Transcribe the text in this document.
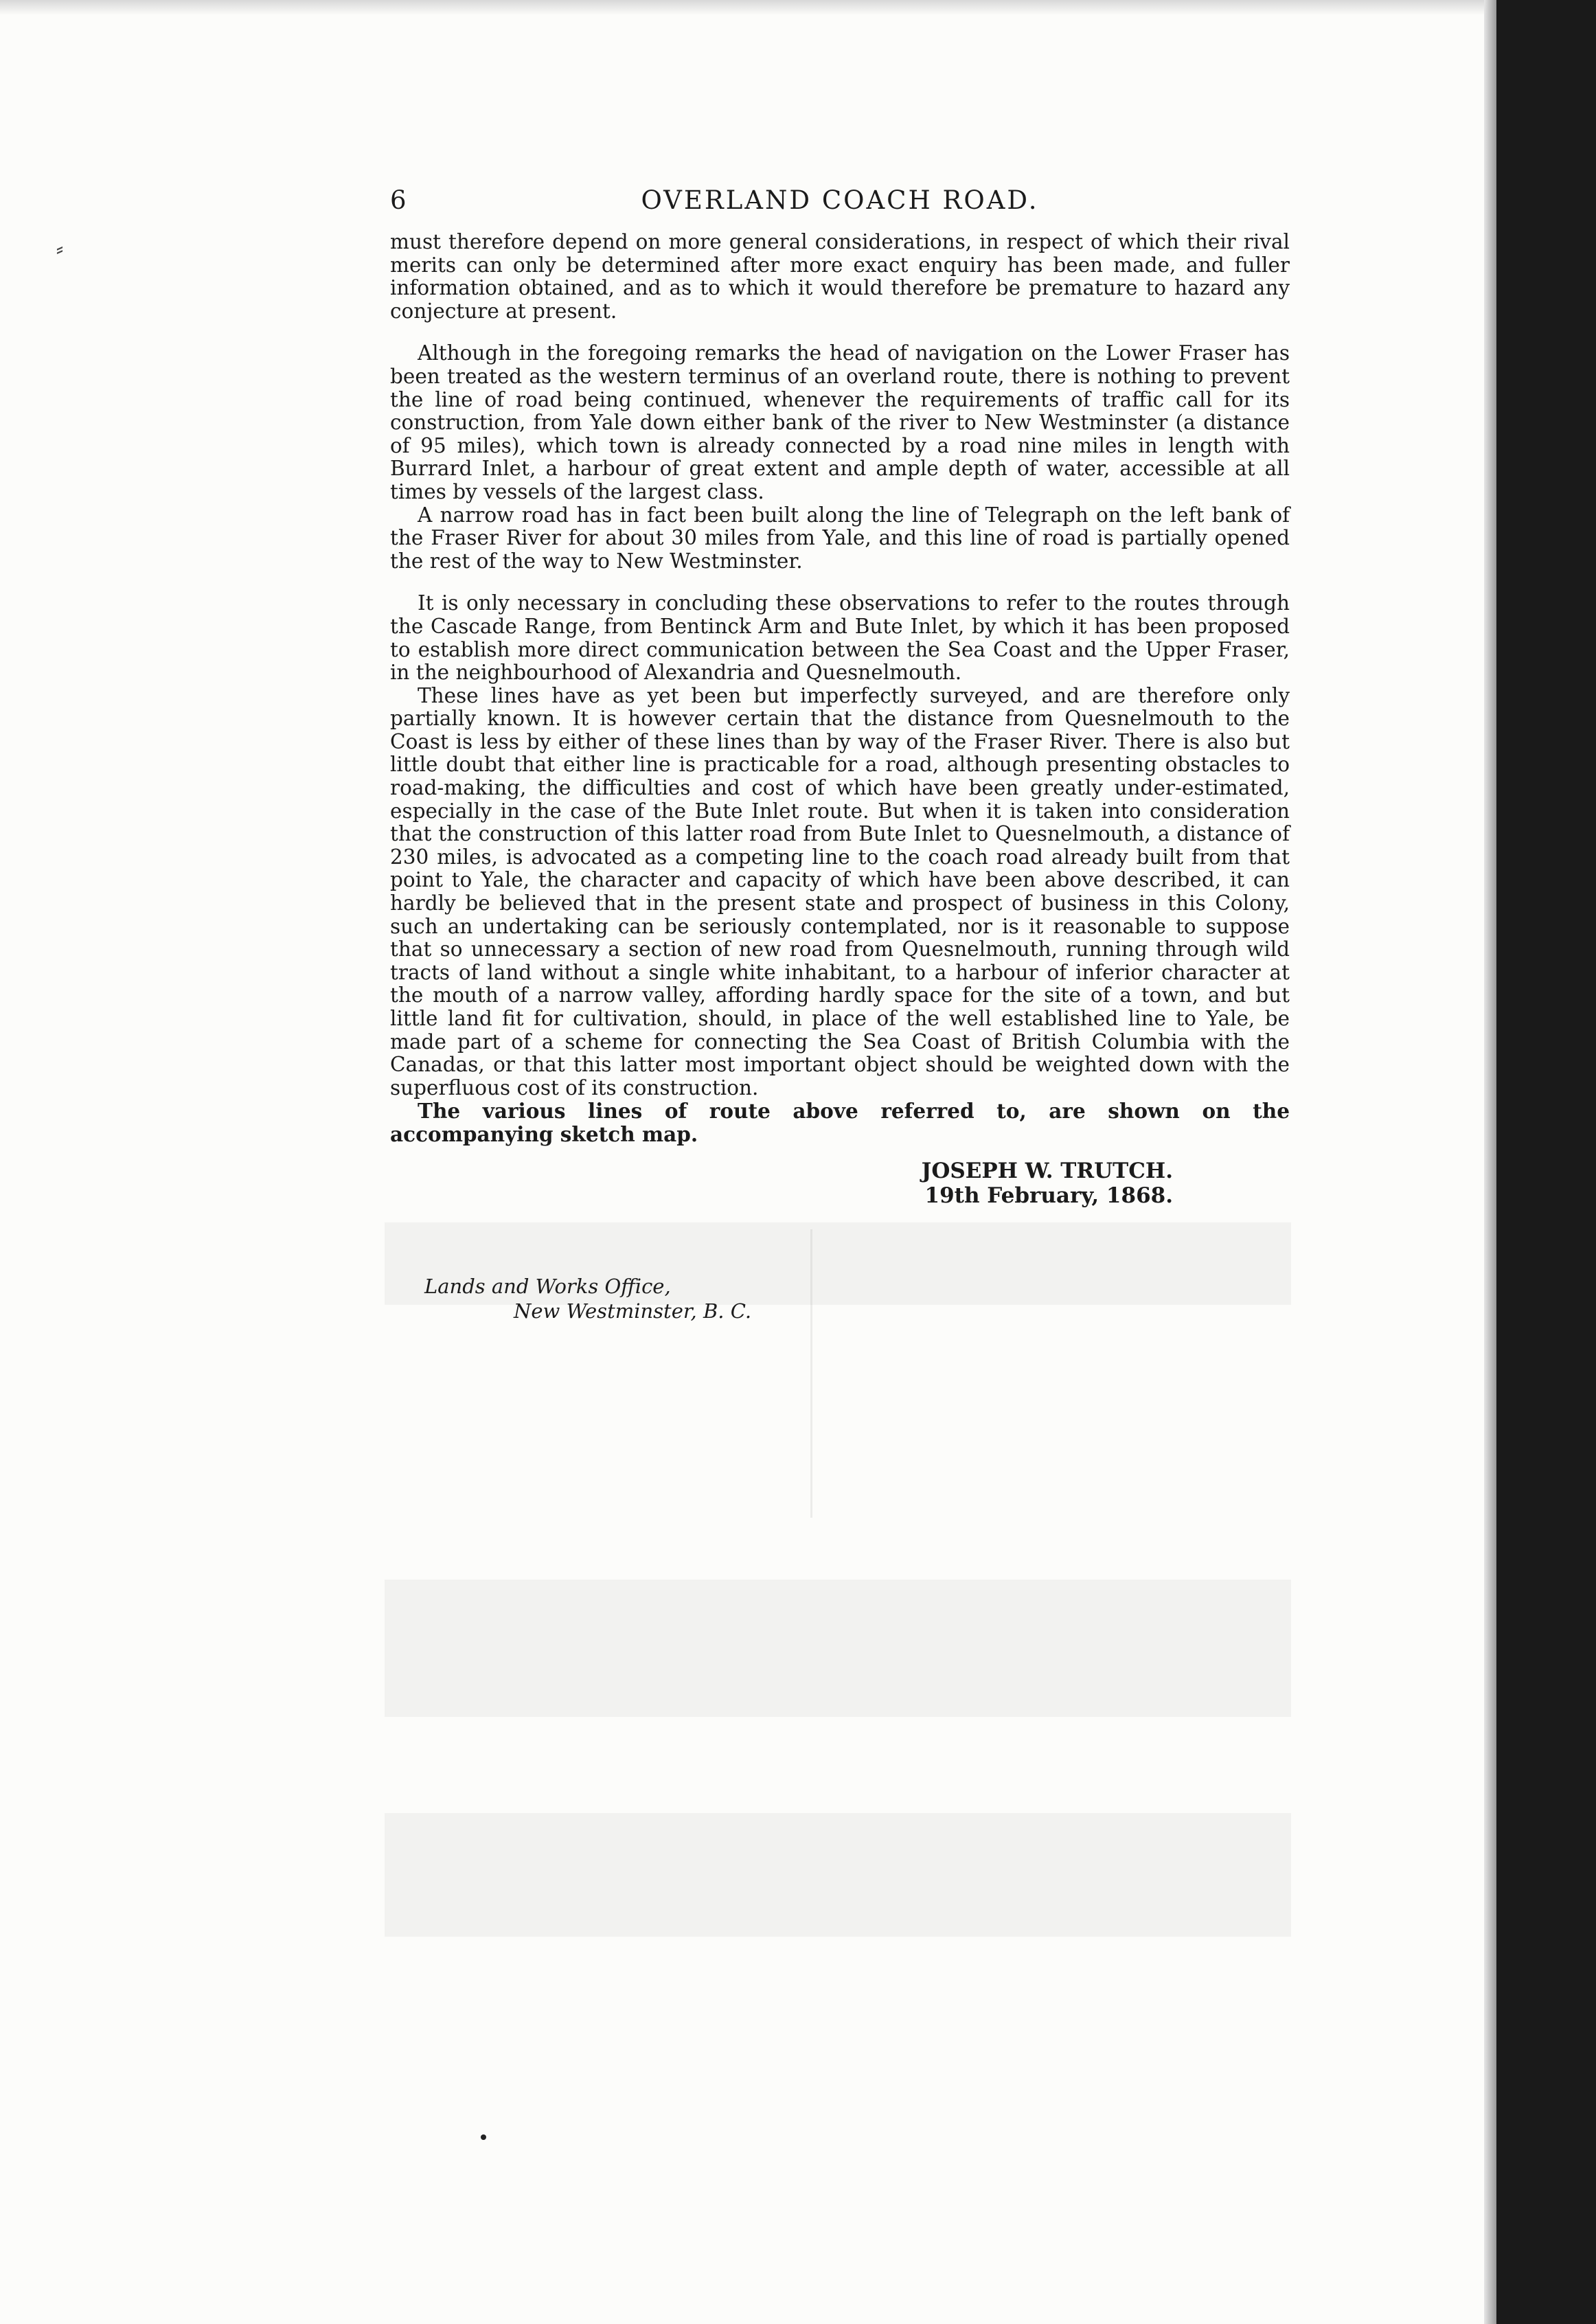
⸗
6	OVERLAND COACH ROAD.

must therefore depend on more general considerations, in respect of which their rival merits can only be determined after more exact enquiry has been made, and fuller information obtained, and as to which it would therefore be premature to hazard any conjecture at present.

Although in the foregoing remarks the head of navigation on the Lower Fraser has been treated as the western terminus of an overland route, there is nothing to prevent the line of road being continued, whenever the requirements of traffic call for its construction, from Yale down either bank of the river to New Westminster (a distance of 95 miles), which town is already connected by a road nine miles in length with Burrard Inlet, a harbour of great extent and ample depth of water, accessible at all times by vessels of the largest class.

A narrow road has in fact been built along the line of Telegraph on the left bank of the Fraser River for about 30 miles from Yale, and this line of road is partially opened the rest of the way to New Westminster.

It is only necessary in concluding these observations to refer to the routes through the Cascade Range, from Bentinck Arm and Bute Inlet, by which it has been proposed to establish more direct communication between the Sea Coast and the Upper Fraser, in the neighbourhood of Alexandria and Quesnelmouth.

These lines have as yet been but imperfectly surveyed, and are therefore only partially known. It is however certain that the distance from Quesnelmouth to the Coast is less by either of these lines than by way of the Fraser River. There is also but little doubt that either line is practicable for a road, although presenting obstacles to road-making, the difficulties and cost of which have been greatly under-estimated, especially in the case of the Bute Inlet route. But when it is taken into consideration that the construction of this latter road from Bute Inlet to Quesnelmouth, a distance of 230 miles, is advocated as a competing line to the coach road already built from that point to Yale, the character and capacity of which have been above described, it can hardly be believed that in the present state and prospect of business in this Colony, such an undertaking can be seriously contemplated, nor is it reasonable to suppose that so unnecessary a section of new road from Quesnelmouth, running through wild tracts of land without a single white inhabitant, to a harbour of inferior character at the mouth of a narrow valley, affording hardly space for the site of a town, and but little land fit for cultivation, should, in place of the well established line to Yale, be made part of a scheme for connecting the Sea Coast of British Columbia with the Canadas, or that this latter most important object should be weighted down with the superfluous cost of its construction.

The various lines of route above referred to, are shown on the accompanying sketch map.

JOSEPH W. TRUTCH.
19th February, 1868.
Lands and Works Office,
New Westminster, B. C.
